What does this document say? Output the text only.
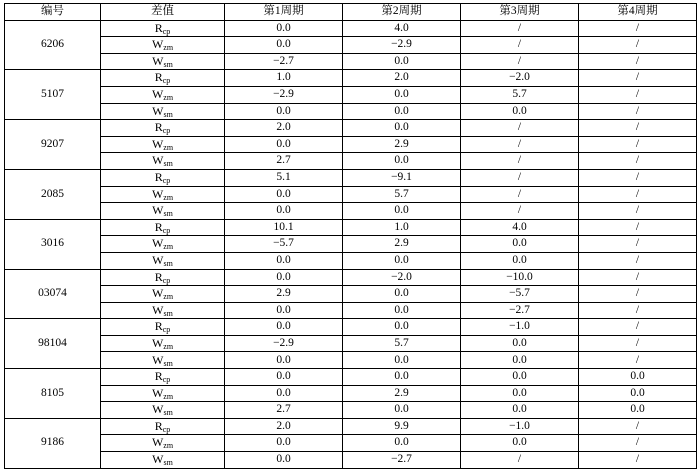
编号	差值	第1周期	第2周期	第3周期	第4周期
6206	$R_{cp}$	0.0	4.0	/	/
	$W_{zm}$	0.0	−2.9	/	/
	$W_{sm}$	−2.7	0.0	/	/
5107	$R_{cp}$	1.0	2.0	−2.0	/
	$W_{zm}$	−2.9	0.0	5.7	/
	$W_{sm}$	0.0	0.0	0.0	/
9207	$R_{cp}$	2.0	0.0	/	/
	$W_{zm}$	0.0	2.9	/	/
	$W_{sm}$	2.7	0.0	/	/
2085	$R_{cp}$	5.1	−9.1	/	/
	$W_{zm}$	0.0	5.7	/	/
	$W_{sm}$	0.0	0.0	/	/
3016	$R_{cp}$	10.1	1.0	4.0	/
	$W_{zm}$	−5.7	2.9	0.0	/
	$W_{sm}$	0.0	0.0	0.0	/
03074	$R_{cp}$	0.0	−2.0	−10.0	/
	$W_{zm}$	2.9	0.0	−5.7	/
	$W_{sm}$	0.0	0.0	−2.7	/
98104	$R_{cp}$	0.0	0.0	−1.0	/
	$W_{zm}$	−2.9	5.7	0.0	/
	$W_{sm}$	0.0	0.0	0.0	/
8105	$R_{cp}$	0.0	0.0	0.0	0.0
	$W_{zm}$	0.0	2.9	0.0	0.0
	$W_{sm}$	2.7	0.0	0.0	0.0
9186	$R_{cp}$	2.0	9.9	−1.0	/
	$W_{zm}$	0.0	0.0	0.0	/
	$W_{sm}$	0.0	−2.7	/	/
